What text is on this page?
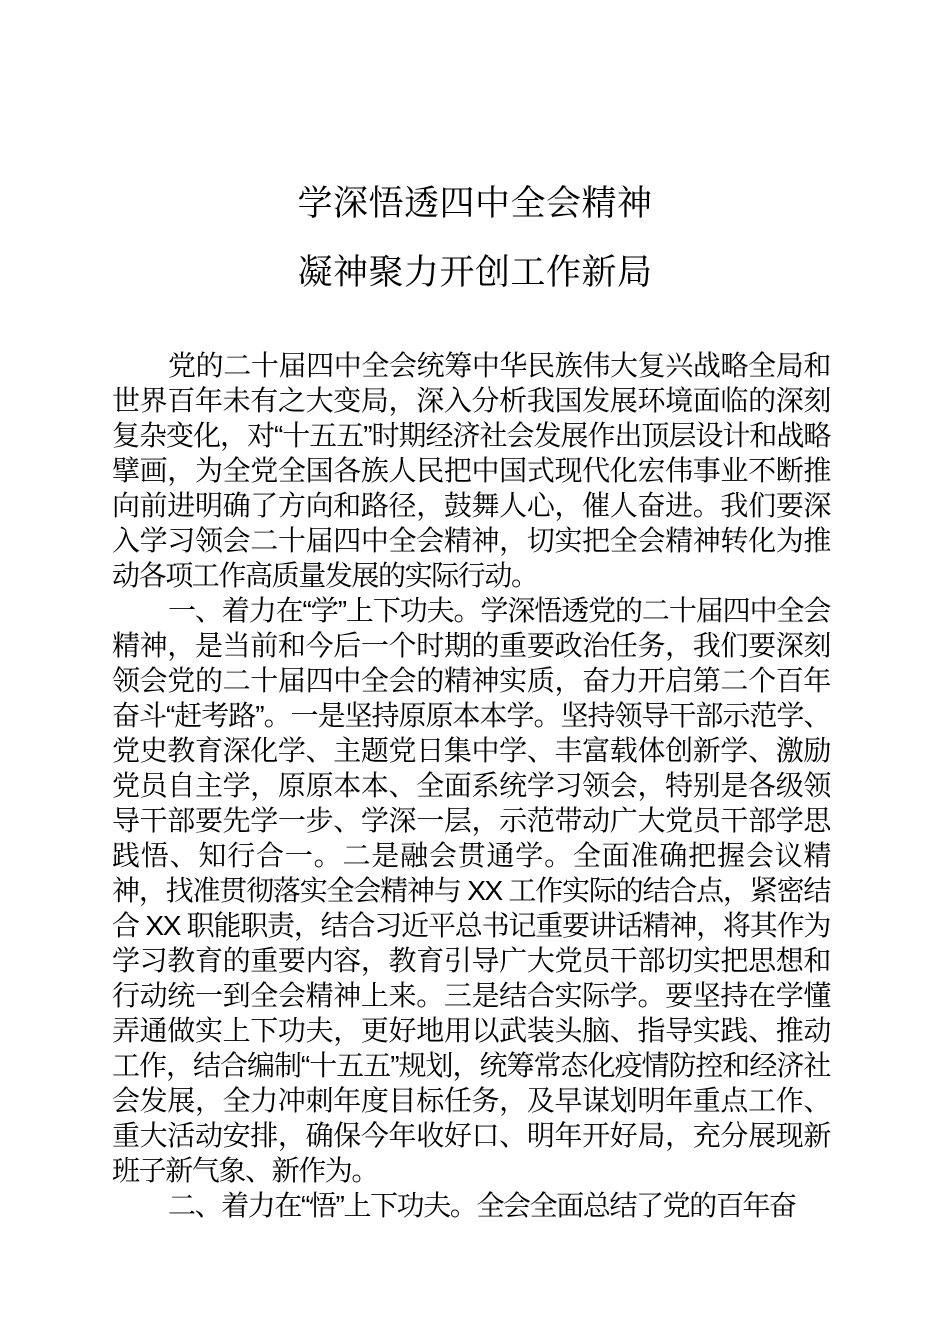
学深悟透四中全会精神
凝神聚力开创工作新局

党的二十届四中全会统筹中华民族伟大复兴战略全局和世界百年未有之大变局，深入分析我国发展环境面临的深刻复杂变化，对“十五五”时期经济社会发展作出顶层设计和战略擘画，为全党全国各族人民把中国式现代化宏伟事业不断推向前进明确了方向和路径，鼓舞人心，催人奋进。我们要深入学习领会二十届四中全会精神，切实把全会精神转化为推动各项工作高质量发展的实际行动。

一、着力在“学”上下功夫。学深悟透党的二十届四中全会精神，是当前和今后一个时期的重要政治任务，我们要深刻领会党的二十届四中全会的精神实质，奋力开启第二个百年奋斗“赶考路”。一是坚持原原本本学。坚持领导干部示范学、党史教育深化学、主题党日集中学、丰富载体创新学、激励党员自主学，原原本本、全面系统学习领会，特别是各级领导干部要先学一步、学深一层，示范带动广大党员干部学思践悟、知行合一。二是融会贯通学。全面准确把握会议精神，找准贯彻落实全会精神与 XX 工作实际的结合点，紧密结合 XX 职能职责，结合习近平总书记重要讲话精神，将其作为学习教育的重要内容，教育引导广大党员干部切实把思想和行动统一到全会精神上来。三是结合实际学。要坚持在学懂弄通做实上下功夫，更好地用以武装头脑、指导实践、推动工作，结合编制“十五五”规划，统筹常态化疫情防控和经济社会发展，全力冲刺年度目标任务，及早谋划明年重点工作、重大活动安排，确保今年收好口、明年开好局，充分展现新班子新气象、新作为。

二、着力在“悟”上下功夫。全会全面总结了党的百年奋
